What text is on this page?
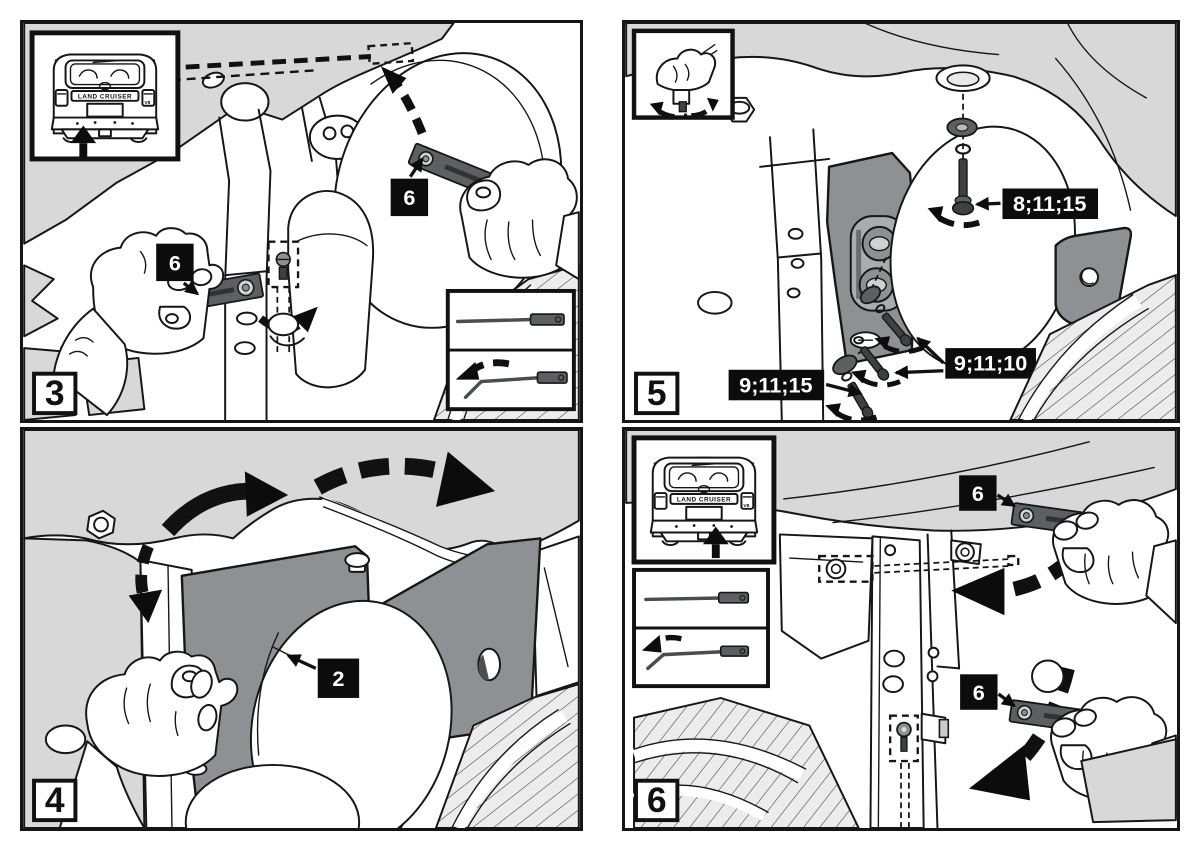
6
6
LAND CRUISER
V8
3
8;11;15
9;11;15
9;11;10
5
2
4
6
6
LAND CRUISER
V8
6
